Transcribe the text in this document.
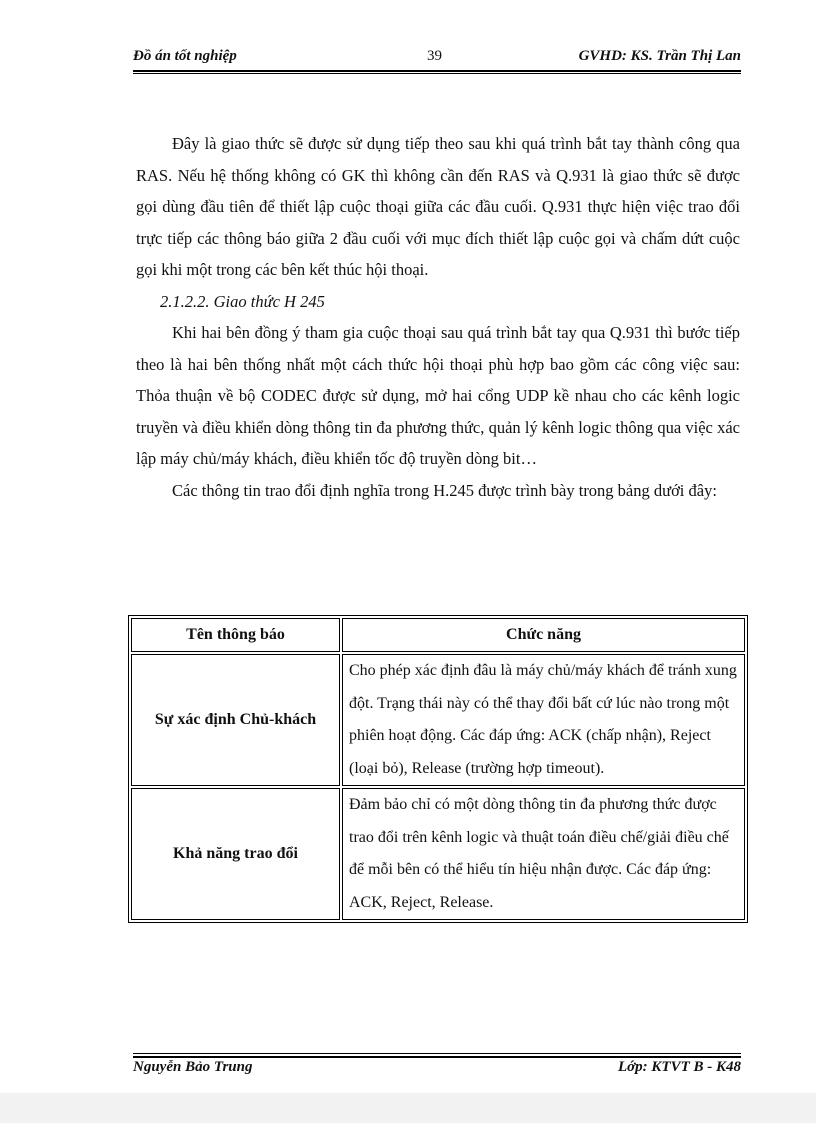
Đồ án tốt nghiệp	39	GVHD: KS. Trần Thị Lan

Đây là giao thức sẽ được sử dụng tiếp theo sau khi quá trình bắt tay thành công qua RAS. Nếu hệ thống không có GK thì không cần đến RAS và Q.931 là giao thức sẽ được gọi dùng đầu tiên để thiết lập cuộc thoại giữa các đầu cuối. Q.931 thực hiện việc trao đổi trực tiếp các thông báo giữa 2 đầu cuối với mục đích thiết lập cuộc gọi và chấm dứt cuộc gọi khi một trong các bên kết thúc hội thoại.

2.1.2.2. Giao thức H 245

Khi hai bên đồng ý tham gia cuộc thoại sau quá trình bắt tay qua Q.931 thì bước tiếp theo là hai bên thống nhất một cách thức hội thoại phù hợp bao gồm các công việc sau: Thỏa thuận về bộ CODEC được sử dụng, mở hai cổng UDP kề nhau cho các kênh logic truyền và điều khiển dòng thông tin đa phương thức, quản lý kênh logic thông qua việc xác lập máy chủ/máy khách, điều khiển tốc độ truyền dòng bit…

Các thông tin trao đổi định nghĩa trong H.245 được trình bày trong bảng dưới đây:

Tên thông báo	Chức năng
Sự xác định Chủ-khách	Cho phép xác định đâu là máy chủ/máy khách để tránh xung đột. Trạng thái này có thể thay đổi bất cứ lúc nào trong một phiên hoạt động. Các đáp ứng: ACK (chấp nhận), Reject (loại bỏ), Release (trường hợp timeout).
Khả năng trao đổi	Đảm bảo chỉ có một dòng thông tin đa phương thức được trao đổi trên kênh logic và thuật toán điều chế/giải điều chế để mỗi bên có thể hiểu tín hiệu nhận được. Các đáp ứng: ACK, Reject, Release.
Nguyễn Bảo Trung	Lớp: KTVT B - K48
